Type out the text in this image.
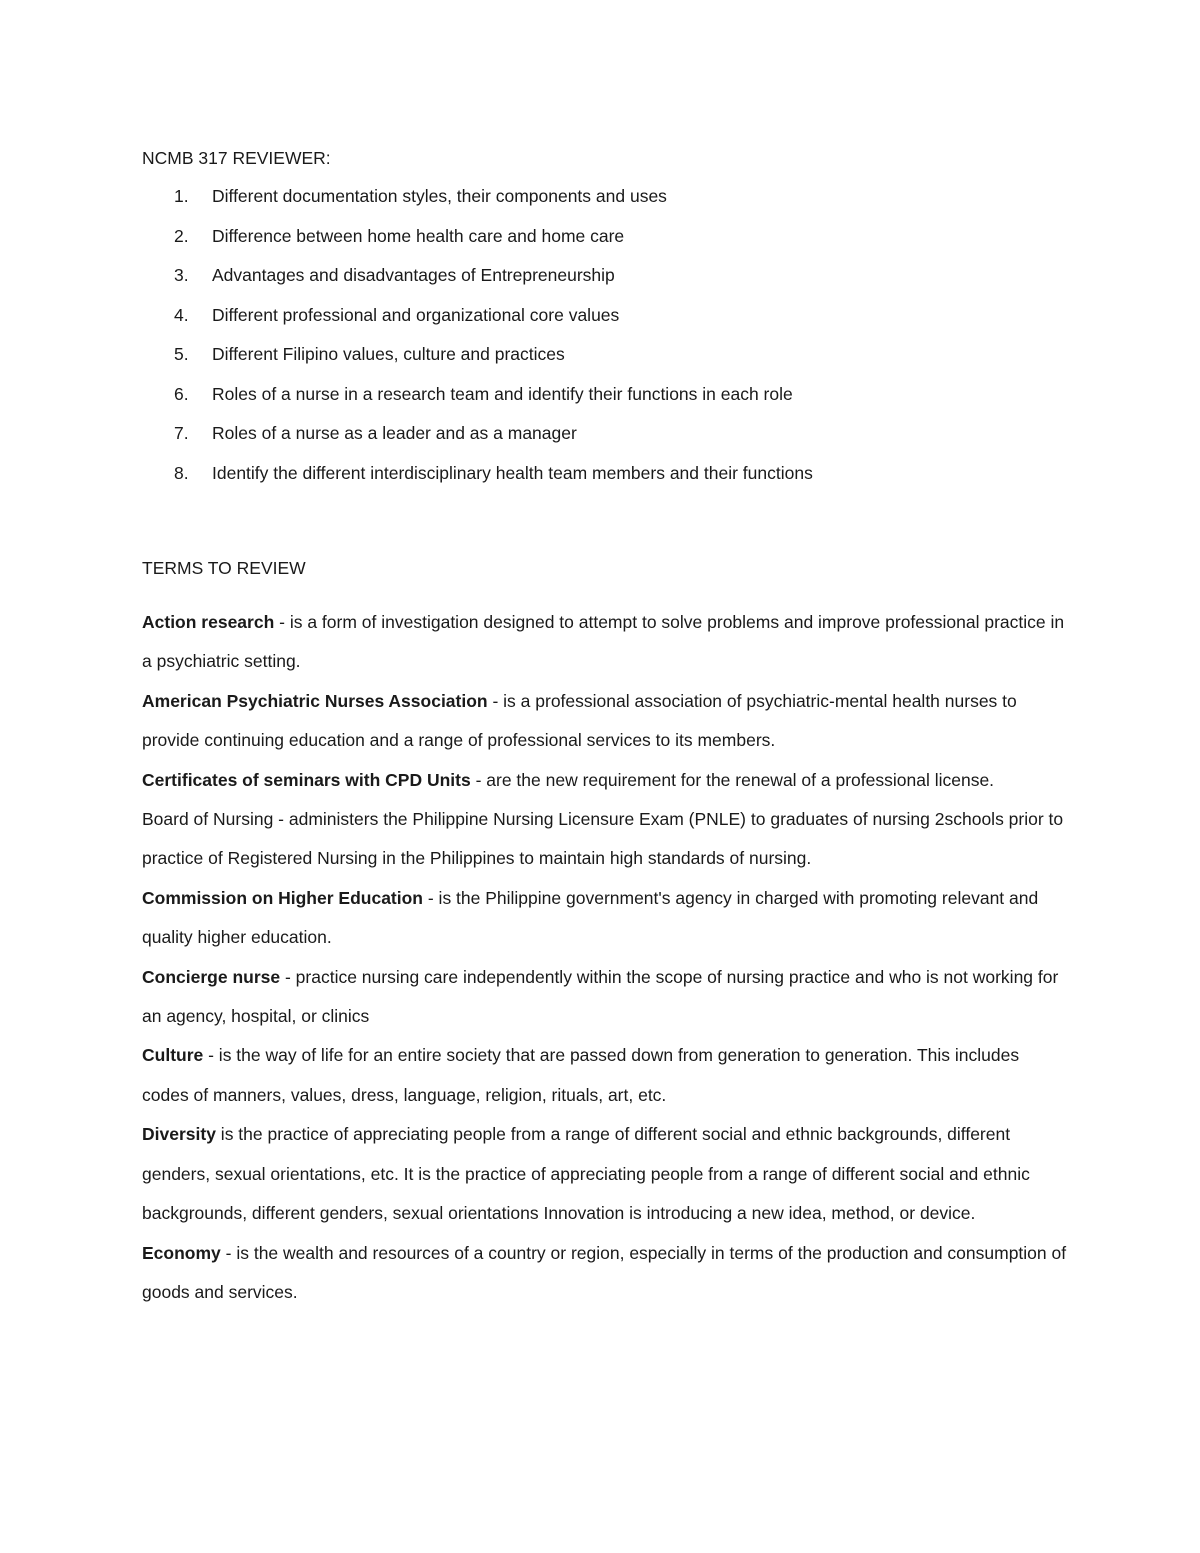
NCMB 317 REVIEWER:
1. Different documentation styles, their components and uses
2. Difference between home health care and home care
3. Advantages and disadvantages of Entrepreneurship
4. Different professional and organizational core values
5. Different Filipino values, culture and practices
6. Roles of a nurse in a research team and identify their functions in each role
7. Roles of a nurse as a leader and as a manager
8. Identify the different interdisciplinary health team members and their functions
TERMS TO REVIEW

Action research - is a form of investigation designed to attempt to solve problems and improve professional practice in a psychiatric setting.

American Psychiatric Nurses Association - is a professional association of psychiatric-mental health nurses to provide continuing education and a range of professional services to its members.

Certificates of seminars with CPD Units - are the new requirement for the renewal of a professional license.

Board of Nursing - administers the Philippine Nursing Licensure Exam (PNLE) to graduates of nursing 2schools prior to practice of Registered Nursing in the Philippines to maintain high standards of nursing.

Commission on Higher Education - is the Philippine government's agency in charged with promoting relevant and quality higher education.

Concierge nurse - practice nursing care independently within the scope of nursing practice and who is not working for an agency, hospital, or clinics

Culture - is the way of life for an entire society that are passed down from generation to generation. This includes codes of manners, values, dress, language, religion, rituals, art, etc.

Diversity is the practice of appreciating people from a range of different social and ethnic backgrounds, different genders, sexual orientations, etc. It is the practice of appreciating people from a range of different social and ethnic backgrounds, different genders, sexual orientations Innovation is introducing a new idea, method, or device.

Economy - is the wealth and resources of a country or region, especially in terms of the production and consumption of goods and services.
